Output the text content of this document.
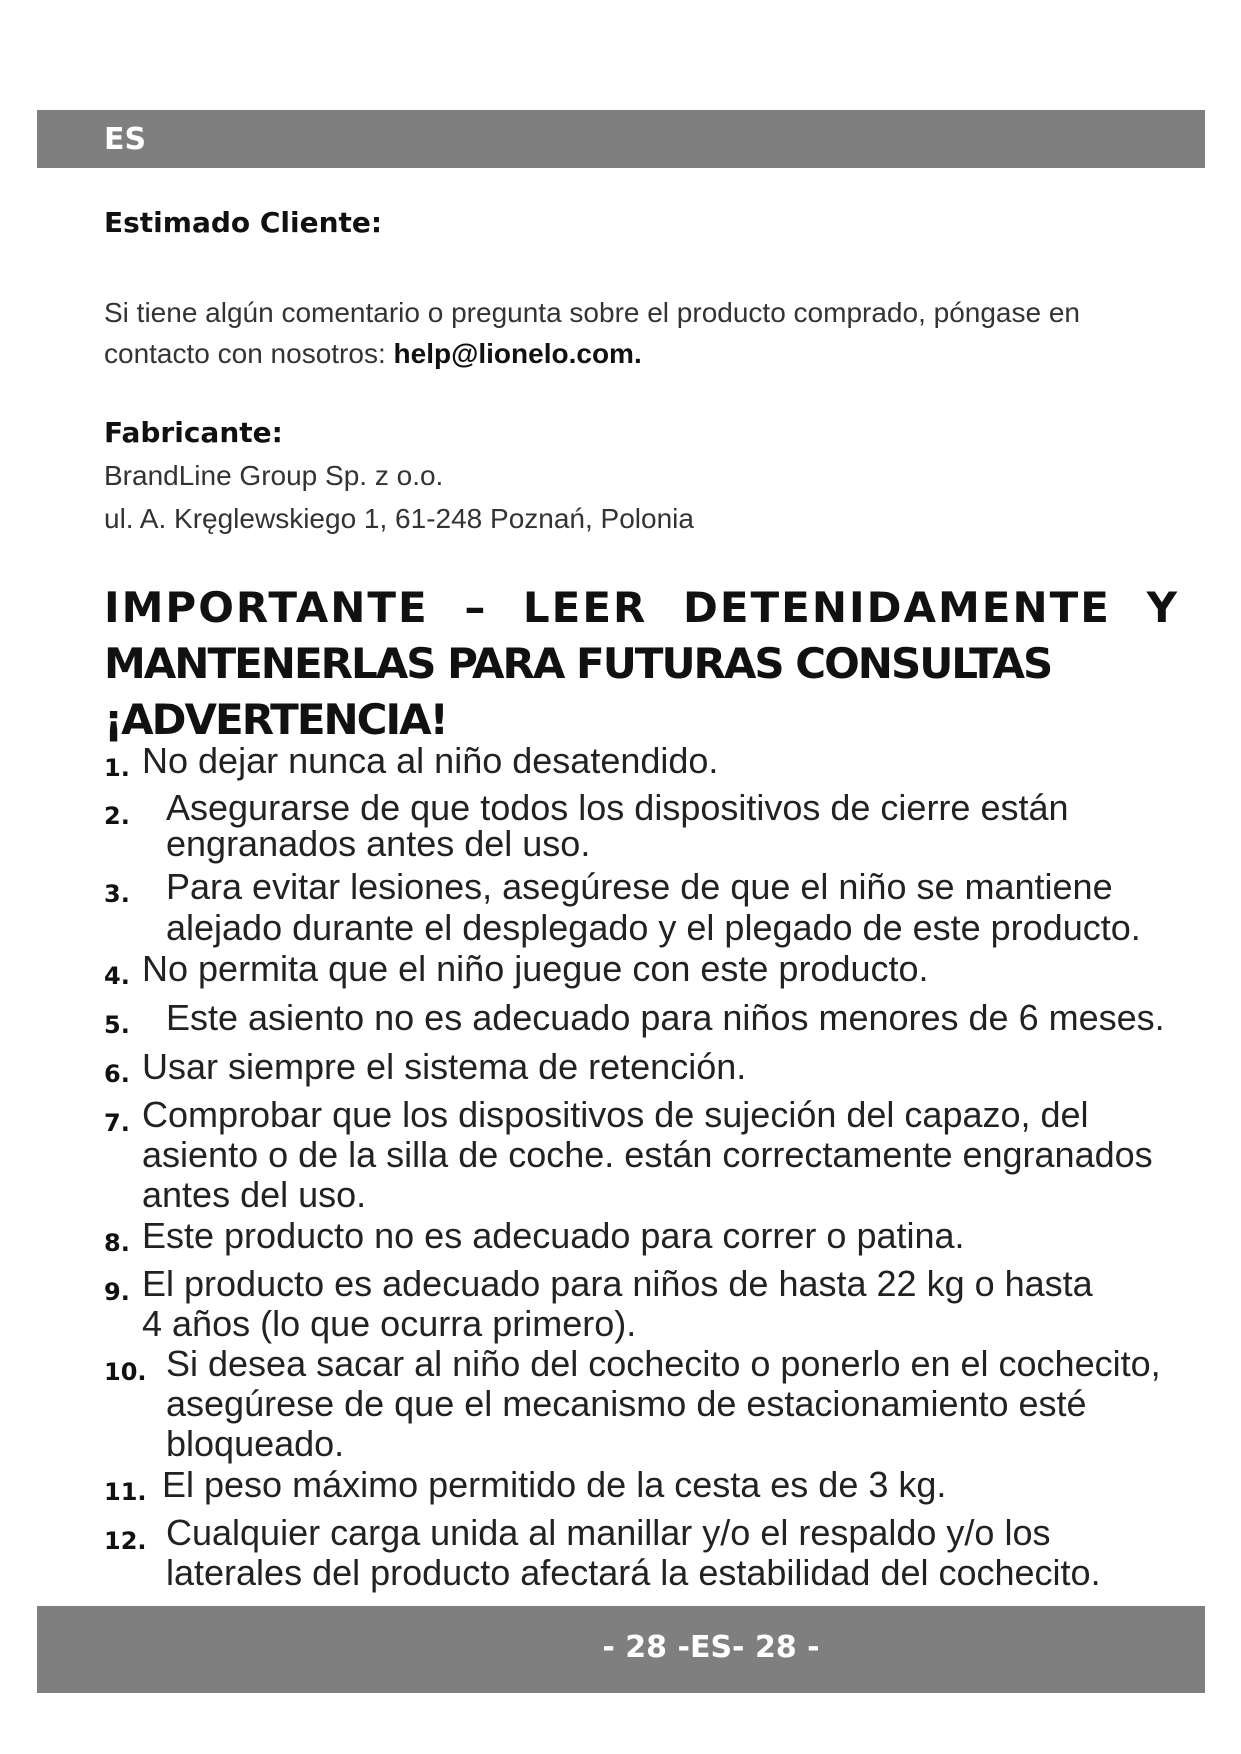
ES
Estimado Cliente:
Si tiene algún comentario o pregunta sobre el producto comprado, póngase en contacto con nosotros: help@lionelo.com.
Fabricante:
BrandLine Group Sp. z o.o.
ul. A. Kręglewskiego 1, 61-248 Poznań, Polonia
IMPORTANTE – LEER DETENIDAMENTE Y
MANTENERLAS PARA FUTURAS CONSULTAS
¡ADVERTENCIA!
1. No dejar nunca al niño desatendido.
2.	Asegurarse de que todos los dispositivos de cierre están engranados antes del uso.
3.	Para evitar lesiones, asegúrese de que el niño se mantiene alejado durante el desplegado y el plegado de este producto.
4. No permita que el niño juegue con este producto.
5.	Este asiento no es adecuado para niños menores de 6 meses.
6. Usar siempre el sistema de retención.
7. Comprobar que los dispositivos de sujeción del capazo, del asiento o de la silla de coche. están correctamente engranados antes del uso.
8. Este producto no es adecuado para correr o patina.
9. El producto es adecuado para niños de hasta 22 kg o hasta 4 años (lo que ocurra primero).
10. Si desea sacar al niño del cochecito o ponerlo en el cochecito, asegúrese de que el mecanismo de estacionamiento esté bloqueado.
11. El peso máximo permitido de la cesta es de 3 kg.
12. Cualquier carga unida al manillar y/o el respaldo y/o los laterales del producto afectará la estabilidad del cochecito.
- 28 -ES- 28 -
